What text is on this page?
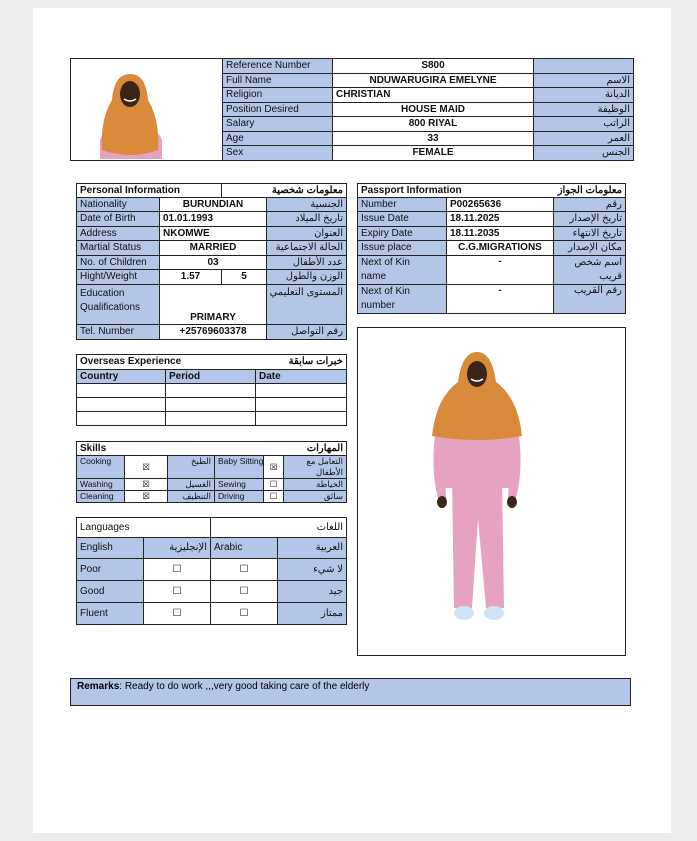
	Reference Number	S800	
	Full Name	NDUWARUGIRA EMELYNE	الاسم
	Religion	CHRISTIAN	الديانة
	Position Desired	HOUSE MAID	الوظيفة
	Salary	800 RIYAL	الراتب
	Age	33	العمر
	Sex	FEMALE	الجنس
Personal Information		معلومات شخصية	
Nationality	BURUNDIAN		الجنسية
Date of Birth	01.01.1993		تاريخ الميلاد
Address	NKOMWE		العنوان
Martial Status	MARRIED		الحالة الاجتماعية
No. of Children	03		عدد الأطفال
Hight/Weight	1.57	5	الوزن والطول
Education
Qualifications	PRIMARY		المستوى التعليمي
Tel. Number	+25769603378		رقم التواصل
Passport Information	معلومات الجواز	
Number	P00265636	رقم
Issue Date	18.11.2025	تاريخ الإصدار
Expiry Date	18.11.2035	تاريخ الانتهاء
Issue place	C.G.MIGRATIONS	مكان الإصدار
Next of Kin
name	-	اسم شخص
قريب
Next of Kin
number	-	رقم القريب
Overseas Experience		خبرات سابقة
Country	Period	Date

Skills			المهارات		
Cooking	☒	الطبخ	Baby Sitting	☒	التعامل مع
الأطفال
Washing	☒	الغسيل	Sewing	☐	الخياطة
Cleaning	☒	التنظيف	Driving	☐	سائق
Languages		اللغات	
English	الإنجليزية	Arabic	العربية
Poor	☐	☐	لا شيء
Good	☐	☐	جيد
Fluent	☐	☐	ممتاز
Remarks: Ready to do work ,,,very good taking care of the elderly
